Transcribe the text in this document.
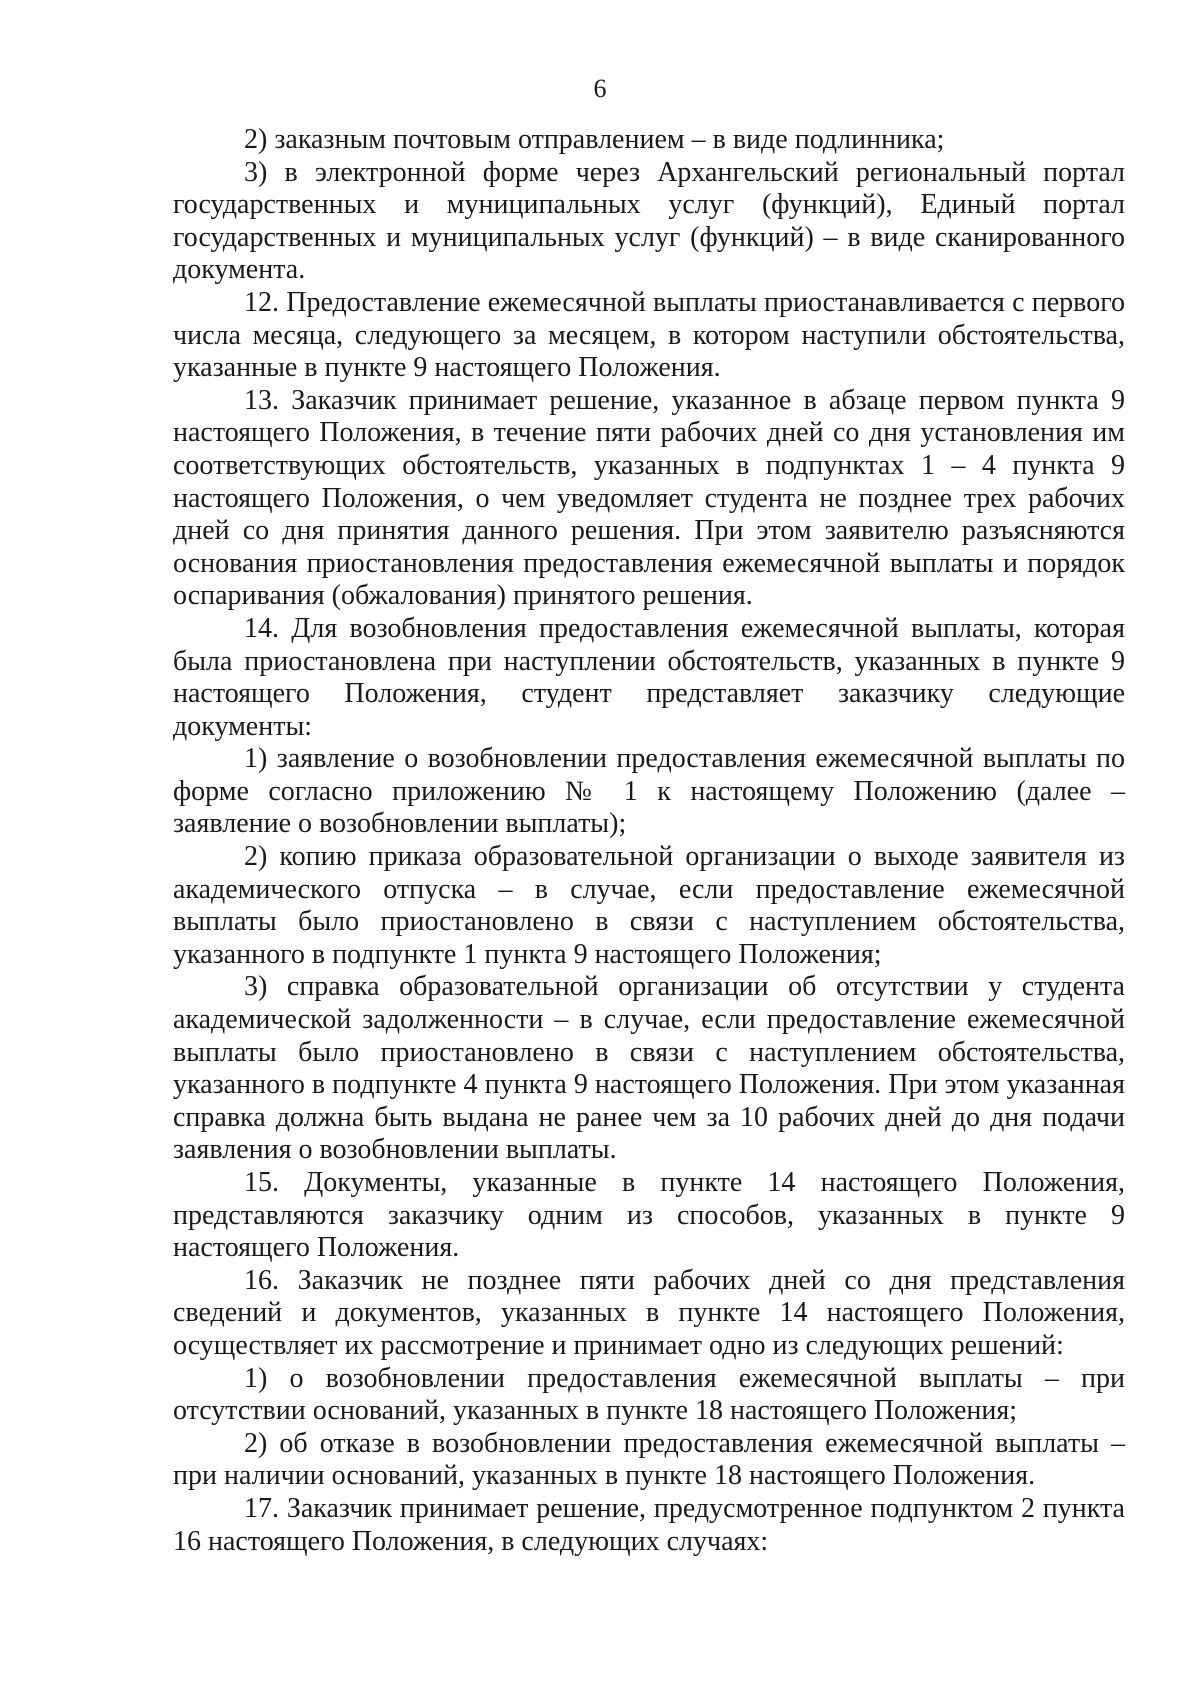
6

2) заказным почтовым отправлением – в виде подлинника;

3) в электронной форме через Архангельский региональный портал государственных и муниципальных услуг (функций), Единый портал государственных и муниципальных услуг (функций) – в виде сканированного документа.

12. Предоставление ежемесячной выплаты приостанавливается с первого числа месяца, следующего за месяцем, в котором наступили обстоятельства, указанные в пункте 9 настоящего Положения.

13. Заказчик принимает решение, указанное в абзаце первом пункта 9 настоящего Положения, в течение пяти рабочих дней со дня установления им соответствующих обстоятельств, указанных в подпунктах 1 – 4 пункта 9 настоящего Положения, о чем уведомляет студента не позднее трех рабочих дней со дня принятия данного решения. При этом заявителю разъясняются основания приостановления предоставления ежемесячной выплаты и порядок оспаривания (обжалования) принятого решения.

14. Для возобновления предоставления ежемесячной выплаты, которая была приостановлена при наступлении обстоятельств, указанных в пункте 9 настоящего Положения, студент представляет заказчику следующие документы:

1) заявление о возобновлении предоставления ежемесячной выплаты по форме согласно приложению № 1 к настоящему Положению (далее – заявление о возобновлении выплаты);

2) копию приказа образовательной организации о выходе заявителя из академического отпуска – в случае, если предоставление ежемесячной выплаты было приостановлено в связи с наступлением обстоятельства, указанного в подпункте 1 пункта 9 настоящего Положения;

3) справка образовательной организации об отсутствии у студента академической задолженности – в случае, если предоставление ежемесячной выплаты было приостановлено в связи с наступлением обстоятельства, указанного в подпункте 4 пункта 9 настоящего Положения. При этом указанная справка должна быть выдана не ранее чем за 10 рабочих дней до дня подачи заявления о возобновлении выплаты.

15. Документы, указанные в пункте 14 настоящего Положения, представляются заказчику одним из способов, указанных в пункте 9 настоящего Положения.

16. Заказчик не позднее пяти рабочих дней со дня представления сведений и документов, указанных в пункте 14 настоящего Положения, осуществляет их рассмотрение и принимает одно из следующих решений:

1) о возобновлении предоставления ежемесячной выплаты – при отсутствии оснований, указанных в пункте 18 настоящего Положения;

2) об отказе в возобновлении предоставления ежемесячной выплаты – при наличии оснований, указанных в пункте 18 настоящего Положения.

17. Заказчик принимает решение, предусмотренное подпунктом 2 пункта 16 настоящего Положения, в следующих случаях:
